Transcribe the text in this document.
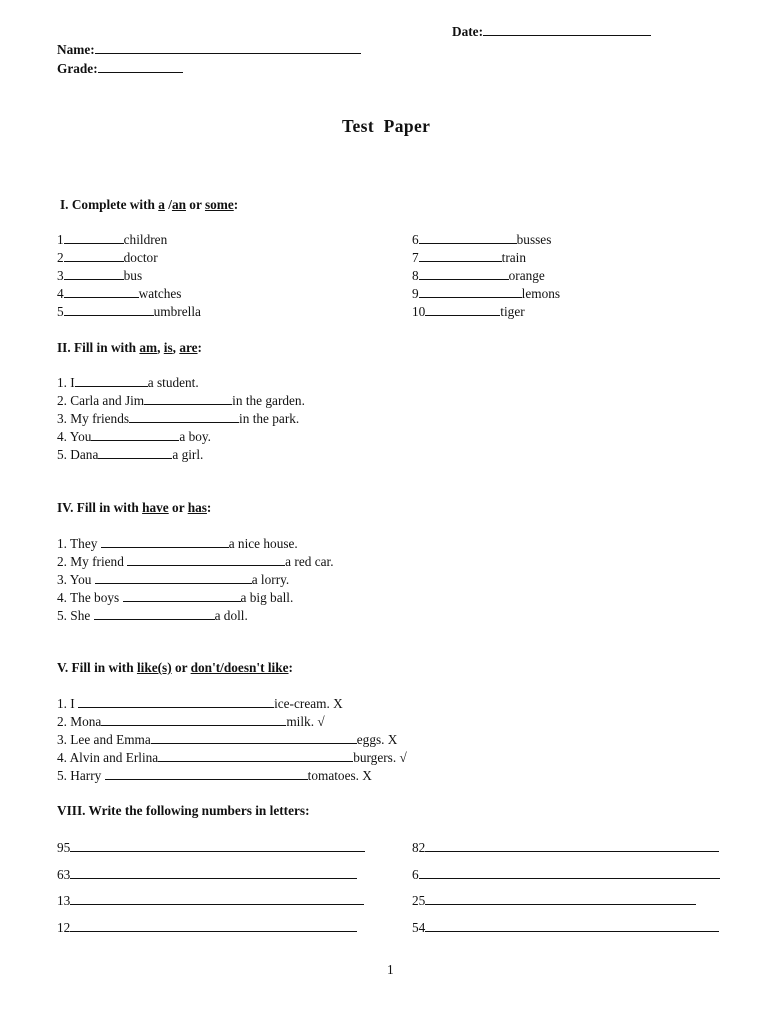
Date:
Name:
Grade:
Test  Paper
I. Complete with a /an or some:
1	children
2	doctor
3	bus
4	watches
5	umbrella
6	busses
7	train
8	orange
9	lemons
10	tiger
II. Fill in with am, is, are:
1. I	a student.
2. Carla and Jim	in the garden.
3. My friends	in the park.
4. You	a boy.
5. Dana	a girl.
IV. Fill in with have or has:
1. They	a nice house.
2. My friend	a red car.
3. You	a lorry.
4. The boys	a big ball.
5. She	a doll.
V. Fill in with like(s) or don't/doesn't like:
1. I	ice-cream. X
2. Mona	milk. √
3. Lee and Emma	eggs. X
4. Alvin and Erlina	burgers. √
5. Harry	tomatoes. X
VIII. Write the following numbers in letters:
95
63
13
12
82
6
25
54
1
